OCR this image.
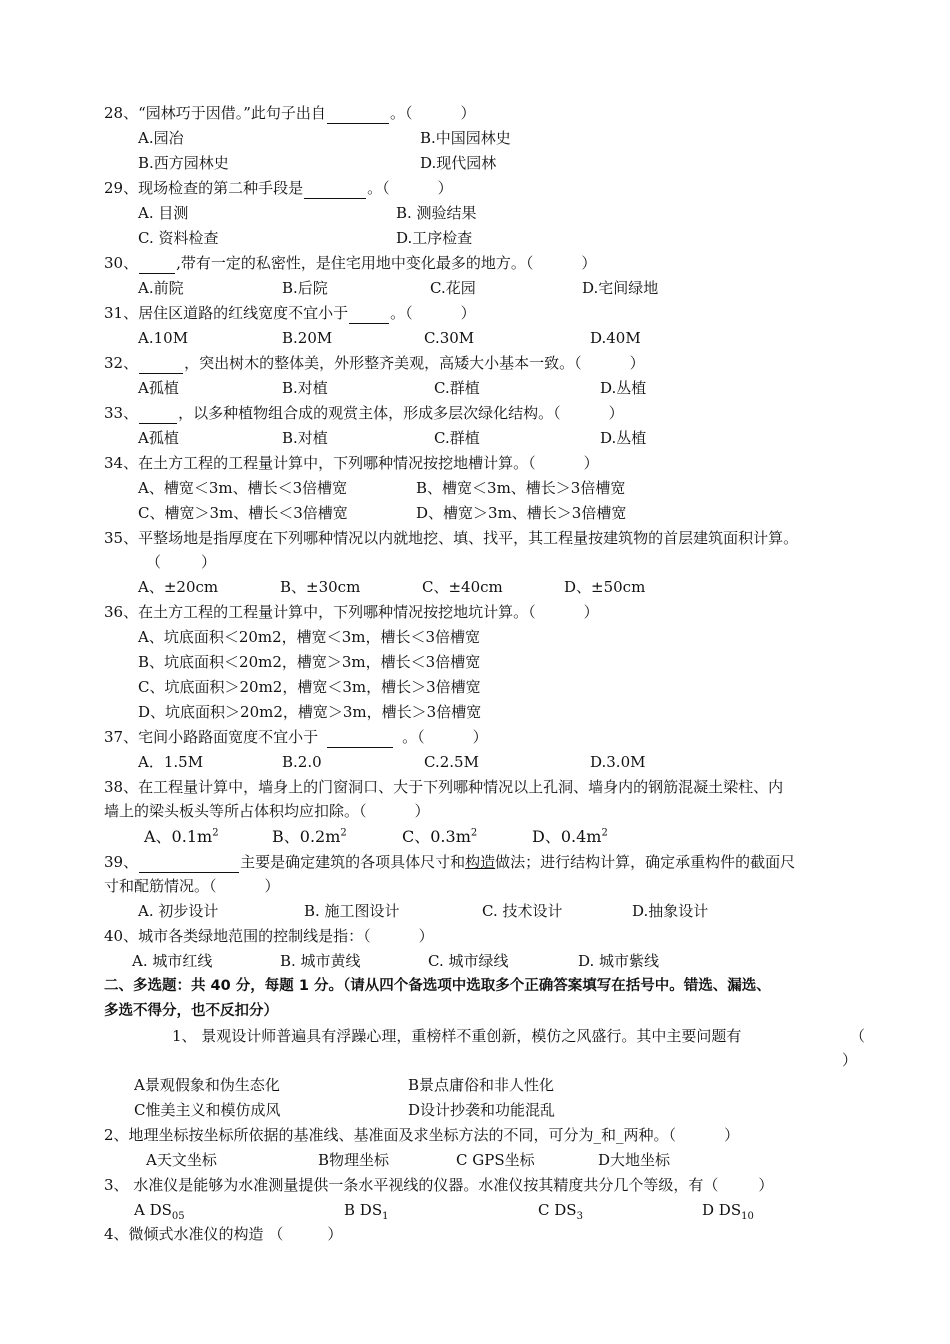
28、“园林巧于因借。”此句子出自	。（	）
A.园冶	B.中国园林史
B.西方园林史	D.现代园林
29、现场检查的第二种手段是	。（	）
A. 目测	B. 测验结果
C. 资料检查	D.工序检查
30、	,带有一定的私密性，是住宅用地中变化最多的地方。（	）
A.前院	B.后院	C.花园	D.宅间绿地
31、居住区道路的红线宽度不宜小于	。（	）
A.10M	B.20M	C.30M	D.40M
32、	，突出树木的整体美，外形整齐美观，高矮大小基本一致。（	）
A孤植	B.对植	C.群植	D.丛植
33、	，以多种植物组合成的观赏主体，形成多层次绿化结构。（	）
A孤植	B.对植	C.群植	D.丛植
34、在土方工程的工程量计算中，下列哪种情况按挖地槽计算。（	）
A、槽宽＜3m、槽长＜3倍槽宽	B、槽宽＜3m、槽长＞3倍槽宽
C、槽宽＞3m、槽长＜3倍槽宽	D、槽宽＞3m、槽长＞3倍槽宽
35、平整场地是指厚度在下列哪种情况以内就地挖、填、找平，其工程量按建筑物的首层建筑面积计算。
（	）
A、±20cm	B、±30cm	C、±40cm	D、±50cm
36、在土方工程的工程量计算中，下列哪种情况按挖地坑计算。（	）
A、坑底面积＜20m2，槽宽＜3m，槽长＜3倍槽宽
B、坑底面积＜20m2，槽宽＞3m，槽长＜3倍槽宽
C、坑底面积＞20m2，槽宽＜3m，槽长＞3倍槽宽
D、坑底面积＞20m2，槽宽＞3m，槽长＞3倍槽宽
37、宅间小路路面宽度不宜小于	。（	）
A．1.5M	B.2.0	C.2.5M	D.3.0M
38、在工程量计算中，墙身上的门窗洞口、大于下列哪种情况以上孔洞、墙身内的钢筋混凝土梁柱、内
墙上的梁头板头等所占体积均应扣除。（	）
A、$0.1m^2$	B、$0.2m^2$	C、$0.3m^2$	D、$0.4m^2$
39、	主要是确定建筑的各项具体尺寸和构造做法；进行结构计算，确定承重构件的截面尺
寸和配筋情况。（	）
A. 初步设计	B. 施工图设计	C. 技术设计	D.抽象设计
40、城市各类绿地范围的控制线是指：（	）
A. 城市红线	B. 城市黄线	C. 城市绿线	D. 城市紫线
二、多选题：共 40 分，每题 1 分。（请从四个备选项中选取多个正确答案填写在括号中。错选、漏选、
多选不得分，也不反扣分）
1、 景观设计师普遍具有浮躁心理，重榜样不重创新，模仿之风盛行。其中主要问题有	（
）
A景观假象和伪生态化	B景点庸俗和非人性化
C惟美主义和模仿成风	D设计抄袭和功能混乱
2、地理坐标按坐标所依据的基准线、基准面及求坐标方法的不同，可分为_和_两种。（	）
A天文坐标	B物理坐标	C GPS坐标	D大地坐标
3、 水准仪是能够为水准测量提供一条水平视线的仪器。水准仪按其精度共分几个等级，有（	）
A $DS_{05}$	B $DS_1$	C $DS_3$	D $DS_{10}$
4、微倾式水准仪的构造 （	）
